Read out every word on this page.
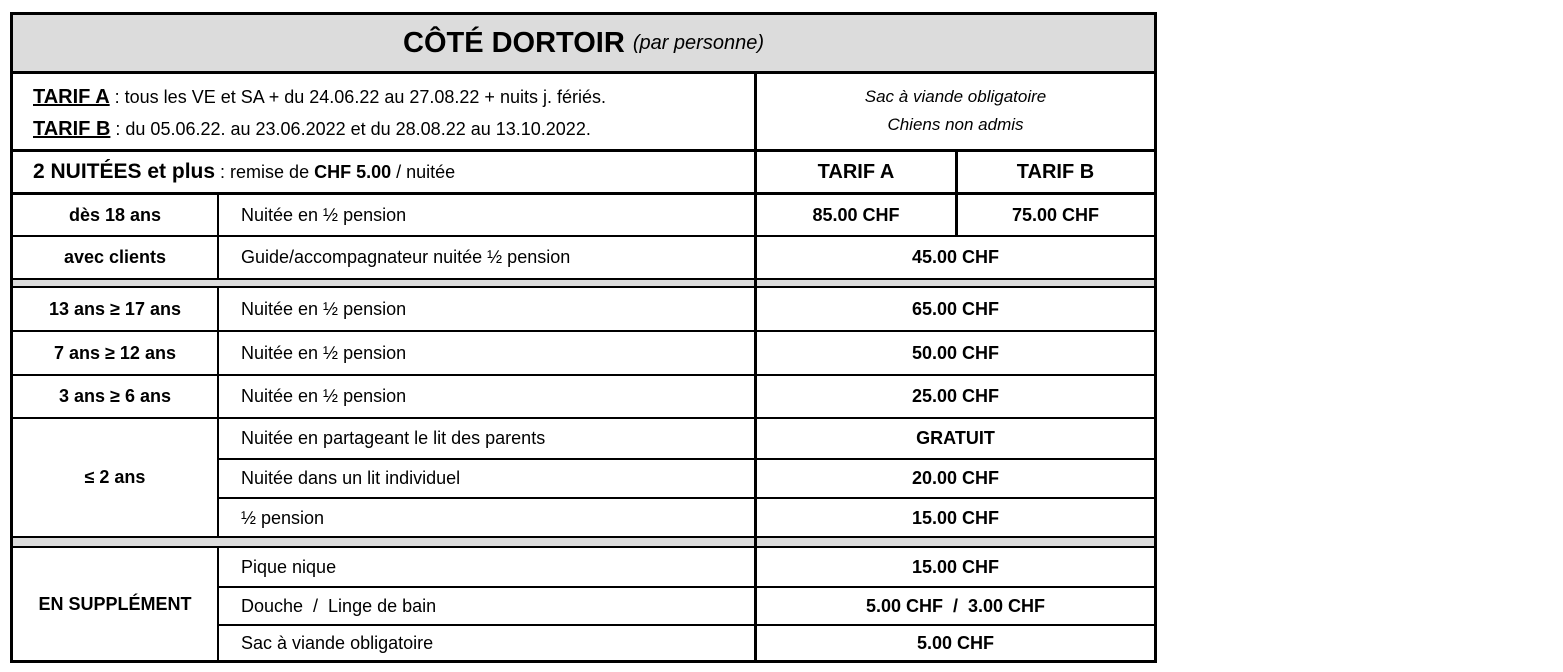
CÔTÉ DORTOIR (par personne)
TARIF A : tous les VE et SA + du 24.06.22 au 27.08.22 + nuits j. fériés.
TARIF B : du 05.06.22. au 23.06.2022 et du 28.08.22 au 13.10.2022.
Sac à viande obligatoire
Chiens non admis
2 NUITÉES et plus : remise de CHF 5.00 / nuitée	TARIF A	TARIF B
dès 18 ans	Nuitée en ½ pension	85.00 CHF	75.00 CHF
avec clients	Guide/accompagnateur nuitée ½ pension	45.00 CHF
13 ans ≥ 17 ans	Nuitée en ½ pension	65.00 CHF
7 ans ≥ 12 ans	Nuitée en ½ pension	50.00 CHF
3 ans ≥ 6 ans	Nuitée en ½ pension	25.00 CHF
≤ 2 ans
Nuitée en partageant le lit des parents	GRATUIT
Nuitée dans un lit individuel	20.00 CHF
½ pension	15.00 CHF
EN SUPPLÉMENT
Pique nique	15.00 CHF
Douche  /  Linge de bain	5.00 CHF  /  3.00 CHF
Sac à viande obligatoire	5.00 CHF
